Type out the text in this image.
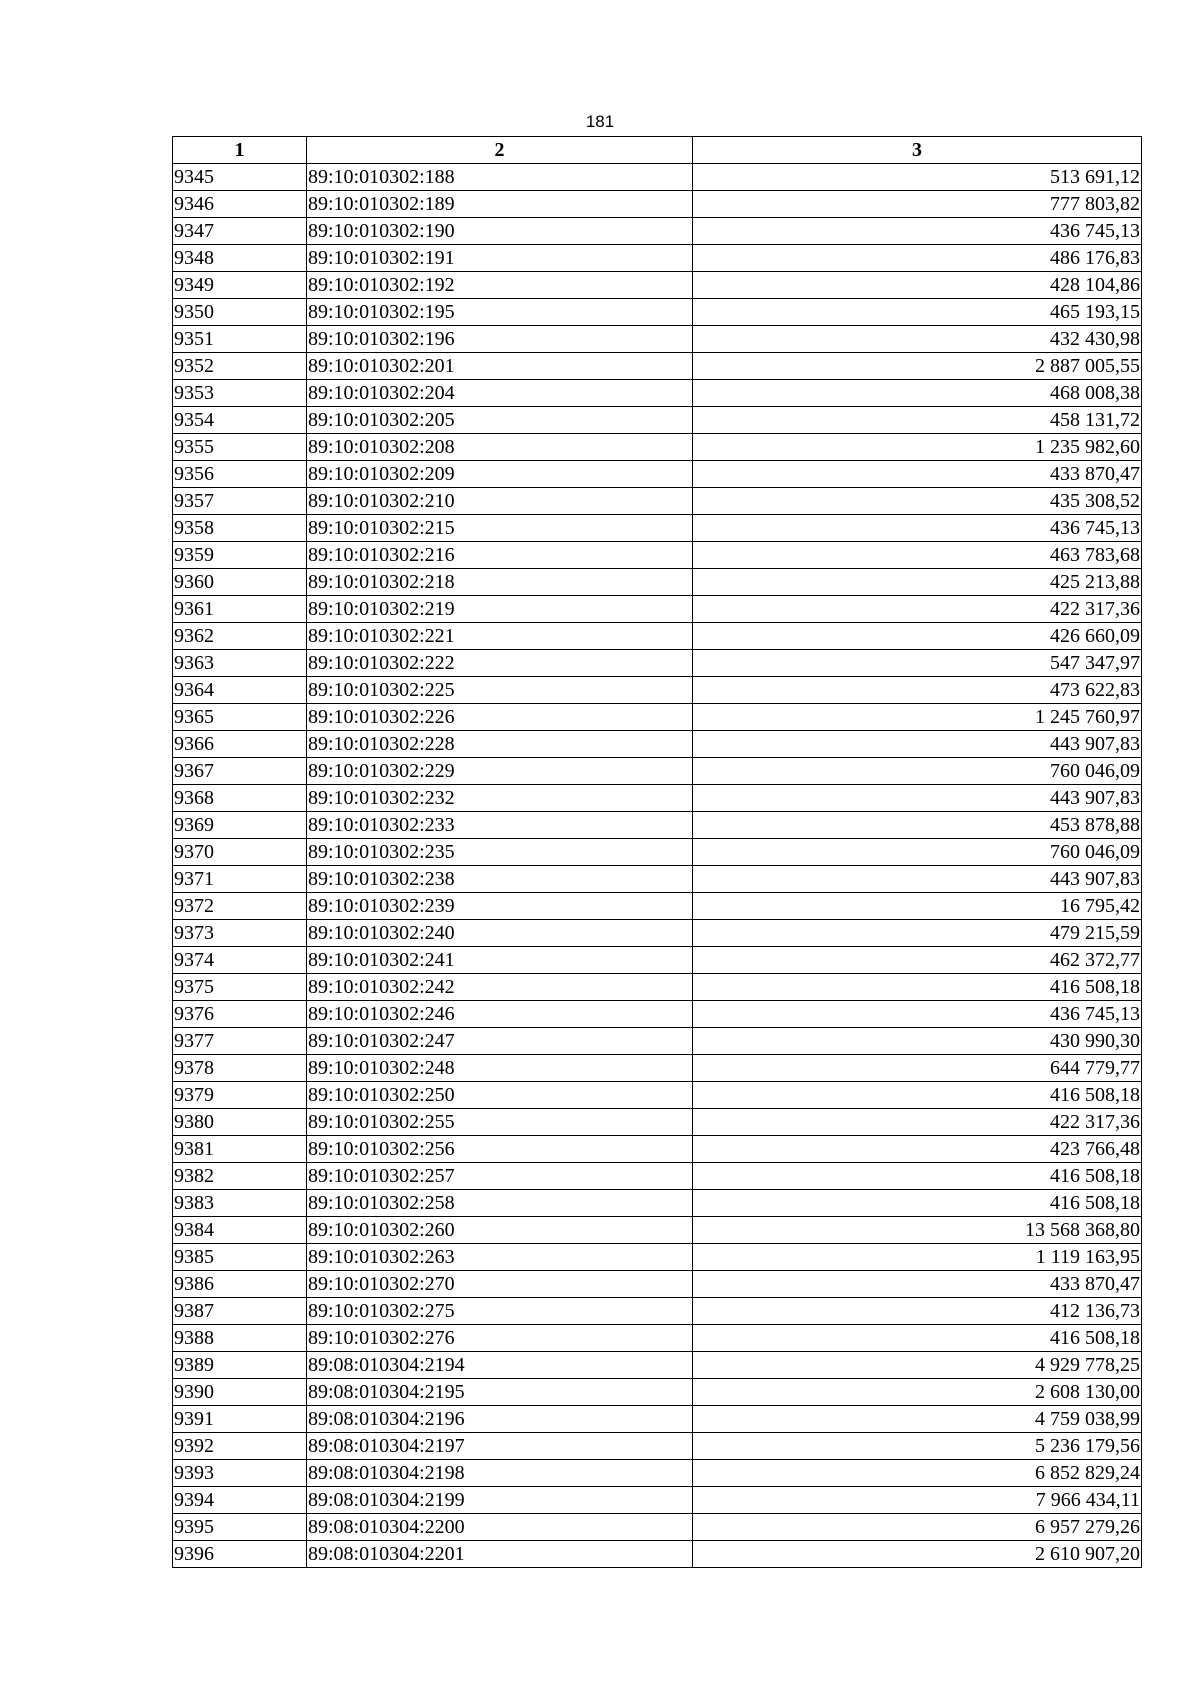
181
1	2	3
9345	89:10:010302:188	513 691,12
9346	89:10:010302:189	777 803,82
9347	89:10:010302:190	436 745,13
9348	89:10:010302:191	486 176,83
9349	89:10:010302:192	428 104,86
9350	89:10:010302:195	465 193,15
9351	89:10:010302:196	432 430,98
9352	89:10:010302:201	2 887 005,55
9353	89:10:010302:204	468 008,38
9354	89:10:010302:205	458 131,72
9355	89:10:010302:208	1 235 982,60
9356	89:10:010302:209	433 870,47
9357	89:10:010302:210	435 308,52
9358	89:10:010302:215	436 745,13
9359	89:10:010302:216	463 783,68
9360	89:10:010302:218	425 213,88
9361	89:10:010302:219	422 317,36
9362	89:10:010302:221	426 660,09
9363	89:10:010302:222	547 347,97
9364	89:10:010302:225	473 622,83
9365	89:10:010302:226	1 245 760,97
9366	89:10:010302:228	443 907,83
9367	89:10:010302:229	760 046,09
9368	89:10:010302:232	443 907,83
9369	89:10:010302:233	453 878,88
9370	89:10:010302:235	760 046,09
9371	89:10:010302:238	443 907,83
9372	89:10:010302:239	16 795,42
9373	89:10:010302:240	479 215,59
9374	89:10:010302:241	462 372,77
9375	89:10:010302:242	416 508,18
9376	89:10:010302:246	436 745,13
9377	89:10:010302:247	430 990,30
9378	89:10:010302:248	644 779,77
9379	89:10:010302:250	416 508,18
9380	89:10:010302:255	422 317,36
9381	89:10:010302:256	423 766,48
9382	89:10:010302:257	416 508,18
9383	89:10:010302:258	416 508,18
9384	89:10:010302:260	13 568 368,80
9385	89:10:010302:263	1 119 163,95
9386	89:10:010302:270	433 870,47
9387	89:10:010302:275	412 136,73
9388	89:10:010302:276	416 508,18
9389	89:08:010304:2194	4 929 778,25
9390	89:08:010304:2195	2 608 130,00
9391	89:08:010304:2196	4 759 038,99
9392	89:08:010304:2197	5 236 179,56
9393	89:08:010304:2198	6 852 829,24
9394	89:08:010304:2199	7 966 434,11
9395	89:08:010304:2200	6 957 279,26
9396	89:08:010304:2201	2 610 907,20
